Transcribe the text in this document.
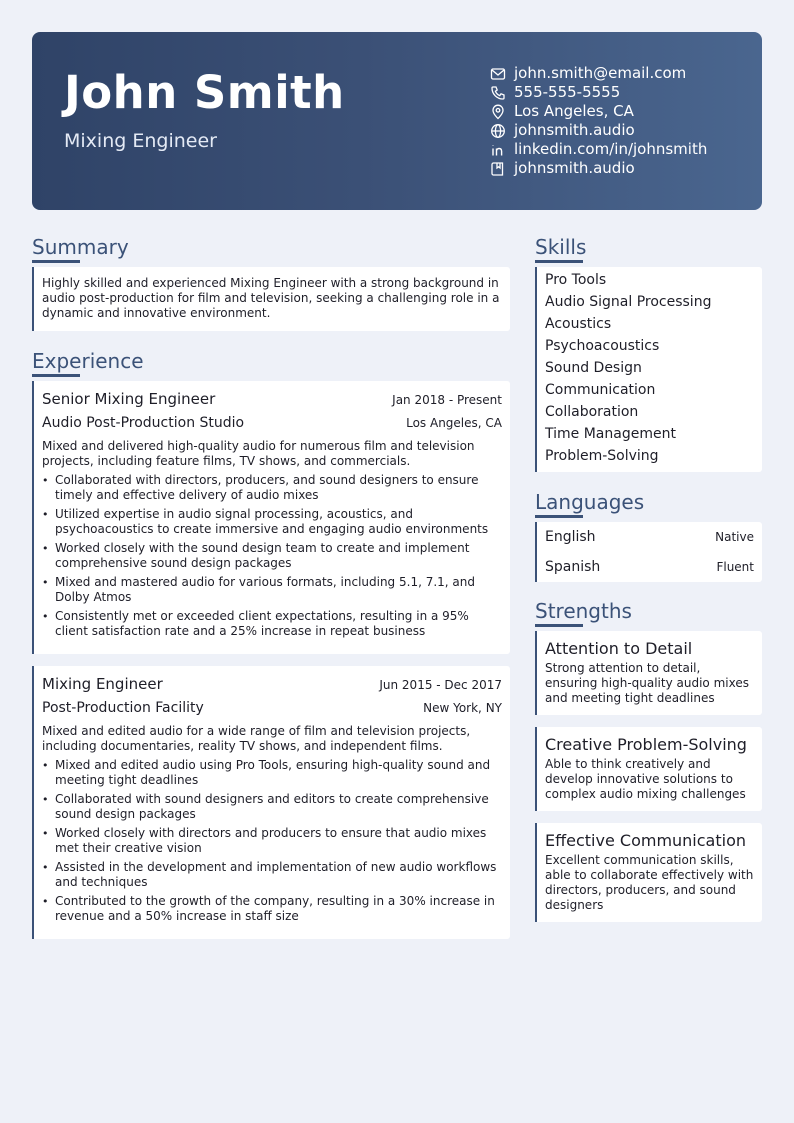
John Smith
Mixing Engineer
john.smith@email.com
555-555-5555
Los Angeles, CA
johnsmith.audio
linkedin.com/in/johnsmith
johnsmith.audio
Summary
Highly skilled and experienced Mixing Engineer with a strong background in audio post-production for film and television, seeking a challenging role in a dynamic and innovative environment.
Experience
Senior Mixing Engineer	Jan 2018 - Present
Audio Post-Production Studio	Los Angeles, CA
Mixed and delivered high-quality audio for numerous film and television projects, including feature films, TV shows, and commercials.
• Collaborated with directors, producers, and sound designers to ensure timely and effective delivery of audio mixes
• Utilized expertise in audio signal processing, acoustics, and psychoacoustics to create immersive and engaging audio environments
• Worked closely with the sound design team to create and implement comprehensive sound design packages
• Mixed and mastered audio for various formats, including 5.1, 7.1, and Dolby Atmos
• Consistently met or exceeded client expectations, resulting in a 95% client satisfaction rate and a 25% increase in repeat business
Mixing Engineer	Jun 2015 - Dec 2017
Post-Production Facility	New York, NY
Mixed and edited audio for a wide range of film and television projects, including documentaries, reality TV shows, and independent films.
• Mixed and edited audio using Pro Tools, ensuring high-quality sound and meeting tight deadlines
• Collaborated with sound designers and editors to create comprehensive sound design packages
• Worked closely with directors and producers to ensure that audio mixes met their creative vision
• Assisted in the development and implementation of new audio workflows and techniques
• Contributed to the growth of the company, resulting in a 30% increase in revenue and a 50% increase in staff size
Skills
Pro Tools
Audio Signal Processing
Acoustics
Psychoacoustics
Sound Design
Communication
Collaboration
Time Management
Problem-Solving
Languages
English	Native
Spanish	Fluent
Strengths
Attention to Detail
Strong attention to detail, ensuring high-quality audio mixes and meeting tight deadlines
Creative Problem-Solving
Able to think creatively and develop innovative solutions to complex audio mixing challenges
Effective Communication
Excellent communication skills, able to collaborate effectively with directors, producers, and sound designers
